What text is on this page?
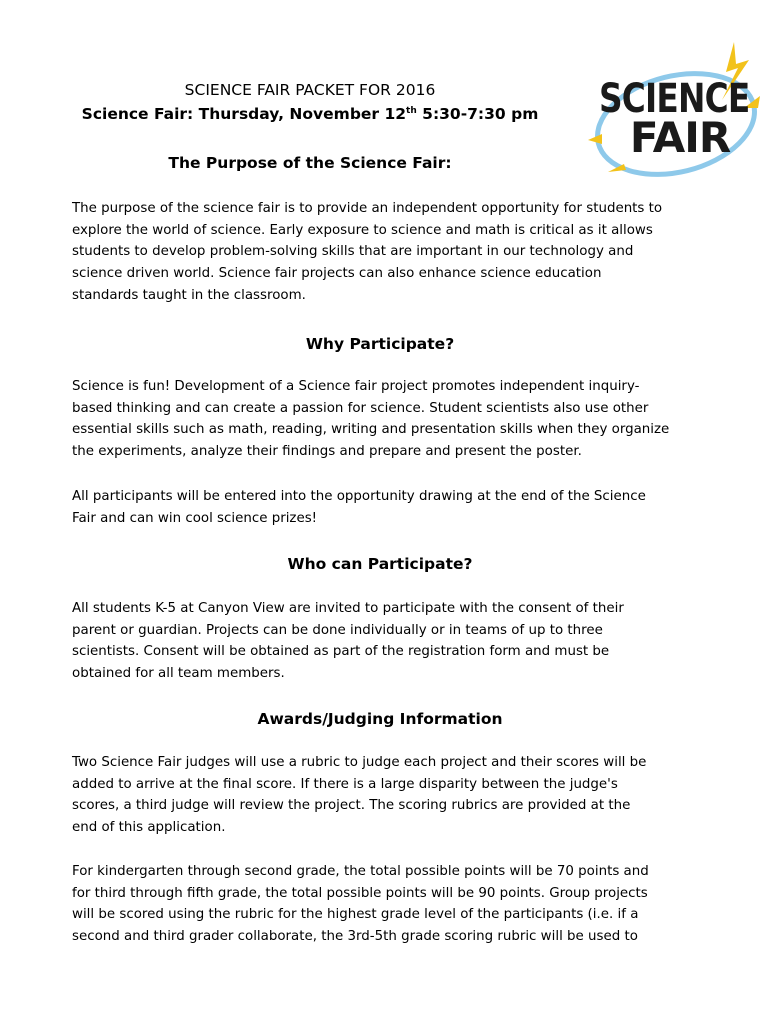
SCIENCE
FAIR
SCIENCE FAIR PACKET FOR 2016
Science Fair: Thursday, November 12th 5:30-7:30 pm
The Purpose of the Science Fair:

The purpose of the science fair is to provide an independent opportunity for students to
explore the world of science. Early exposure to science and math is critical as it allows
students to develop problem-solving skills that are important in our technology and
science driven world. Science fair projects can also enhance science education
standards taught in the classroom.

Why Participate?

Science is fun! Development of a Science fair project promotes independent inquiry-
based thinking and can create a passion for science. Student scientists also use other
essential skills such as math, reading, writing and presentation skills when they organize
the experiments, analyze their findings and prepare and present the poster.

All participants will be entered into the opportunity drawing at the end of the Science
Fair and can win cool science prizes!

Who can Participate?

All students K-5 at Canyon View are invited to participate with the consent of their
parent or guardian. Projects can be done individually or in teams of up to three
scientists. Consent will be obtained as part of the registration form and must be
obtained for all team members.

Awards/Judging Information

Two Science Fair judges will use a rubric to judge each project and their scores will be
added to arrive at the final score. If there is a large disparity between the judge's
scores, a third judge will review the project. The scoring rubrics are provided at the
end of this application.

For kindergarten through second grade, the total possible points will be 70 points and
for third through fifth grade, the total possible points will be 90 points. Group projects
will be scored using the rubric for the highest grade level of the participants (i.e. if a
second and third grader collaborate, the 3rd-5th grade scoring rubric will be used to
